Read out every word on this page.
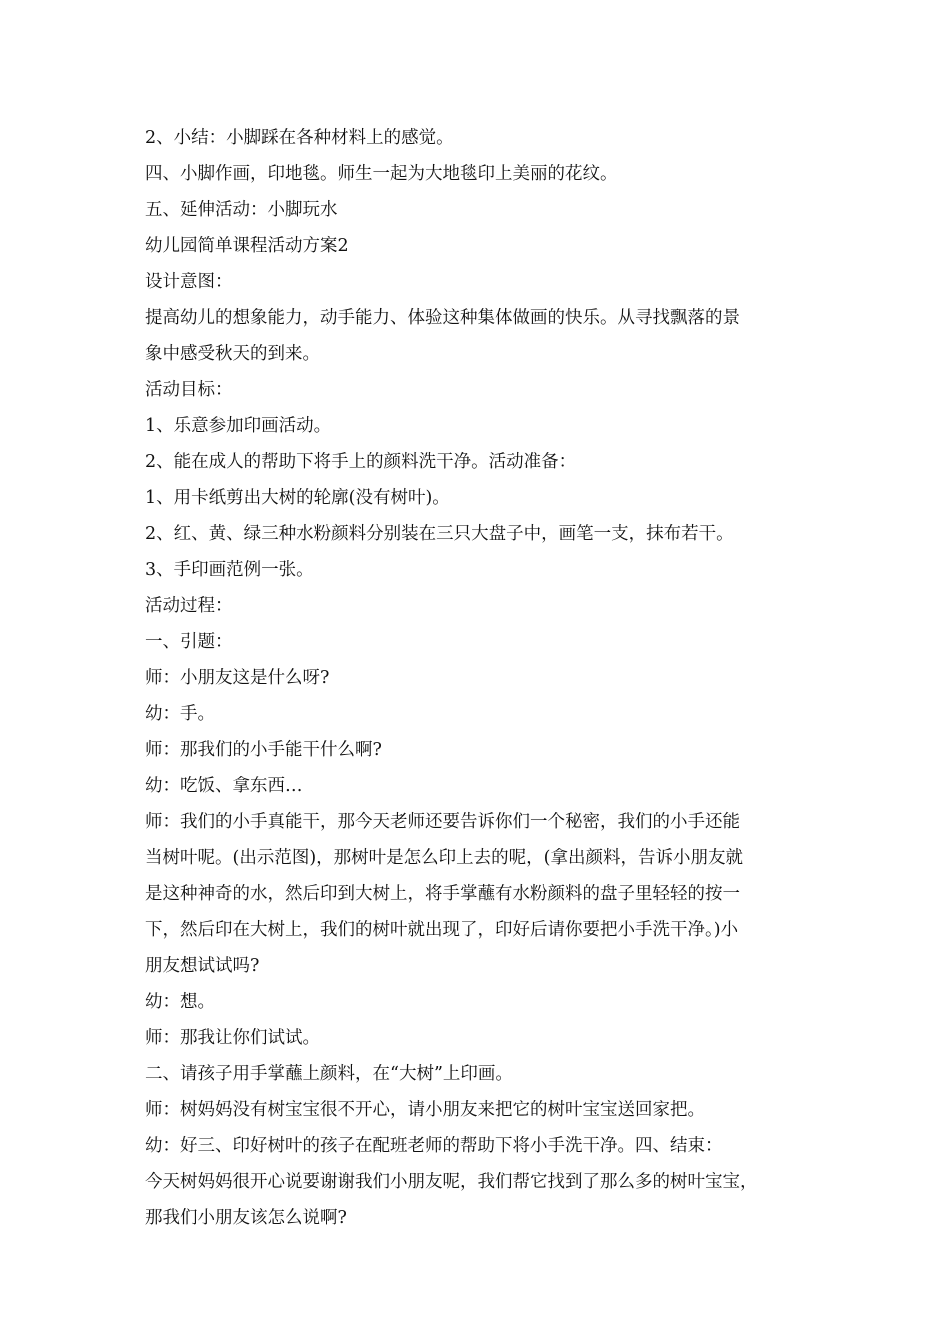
2、小结：小脚踩在各种材料上的感觉。
四、小脚作画，印地毯。师生一起为大地毯印上美丽的花纹。
五、延伸活动：小脚玩水
幼儿园简单课程活动方案2
设计意图：
提高幼儿的想象能力，动手能力、体验这种集体做画的快乐。从寻找飘落的景
象中感受秋天的到来。
活动目标：
1、乐意参加印画活动。
2、能在成人的帮助下将手上的颜料洗干净。活动准备：
1、用卡纸剪出大树的轮廓(没有树叶)。
2、红、黄、绿三种水粉颜料分别装在三只大盘子中，画笔一支，抹布若干。
3、手印画范例一张。
活动过程：
一、引题：
师：小朋友这是什么呀?
幼：手。
师：那我们的小手能干什么啊?
幼：吃饭、拿东西…
师：我们的小手真能干，那今天老师还要告诉你们一个秘密，我们的小手还能
当树叶呢。(出示范图)，那树叶是怎么印上去的呢，(拿出颜料，告诉小朋友就
是这种神奇的水，然后印到大树上，将手掌蘸有水粉颜料的盘子里轻轻的按一
下，然后印在大树上，我们的树叶就出现了，印好后请你要把小手洗干净。)小
朋友想试试吗?
幼：想。
师：那我让你们试试。
二、请孩子用手掌蘸上颜料，在“大树”上印画。
师：树妈妈没有树宝宝很不开心，请小朋友来把它的树叶宝宝送回家把。
幼：好三、印好树叶的孩子在配班老师的帮助下将小手洗干净。四、结束：
今天树妈妈很开心说要谢谢我们小朋友呢，我们帮它找到了那么多的树叶宝宝，
那我们小朋友该怎么说啊?
